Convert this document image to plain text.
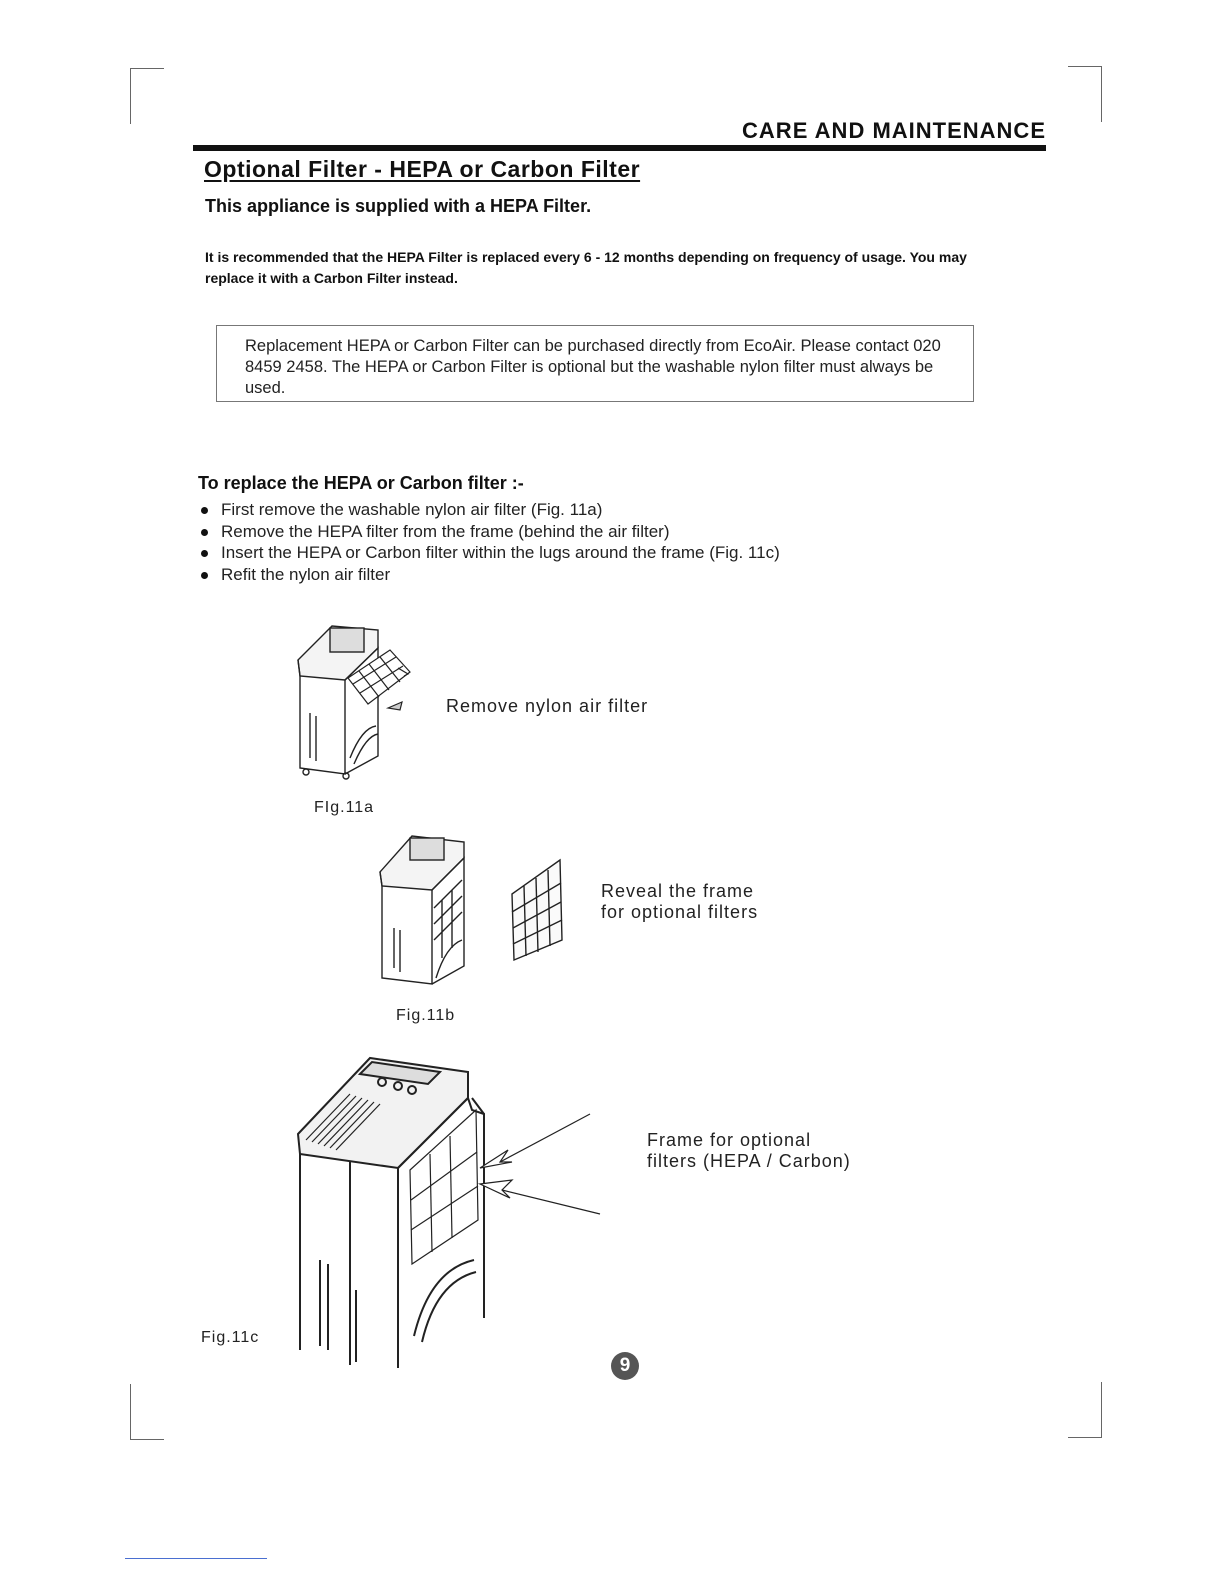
CARE AND MAINTENANCE
Optional Filter - HEPA or Carbon Filter
This appliance is supplied with a HEPA Filter.
It is recommended that the HEPA Filter is replaced every 6 - 12 months depending on frequency of usage. You may replace it with a Carbon Filter instead.
Replacement HEPA or Carbon Filter can be purchased directly from EcoAir. Please contact 020 8459 2458. The HEPA or Carbon Filter is optional but the washable nylon filter must always be used.
To replace the HEPA or Carbon filter :-
First remove the washable nylon air filter (Fig. 11a)
Remove the HEPA filter from the frame (behind the air filter)
Insert the HEPA or Carbon filter within the lugs around the frame (Fig. 11c)
Refit the nylon air filter
Remove nylon air filter
FIg.11a
Reveal the frame
for optional filters
Fig.11b
Frame for optional
filters (HEPA / Carbon)
Fig.11c
9
